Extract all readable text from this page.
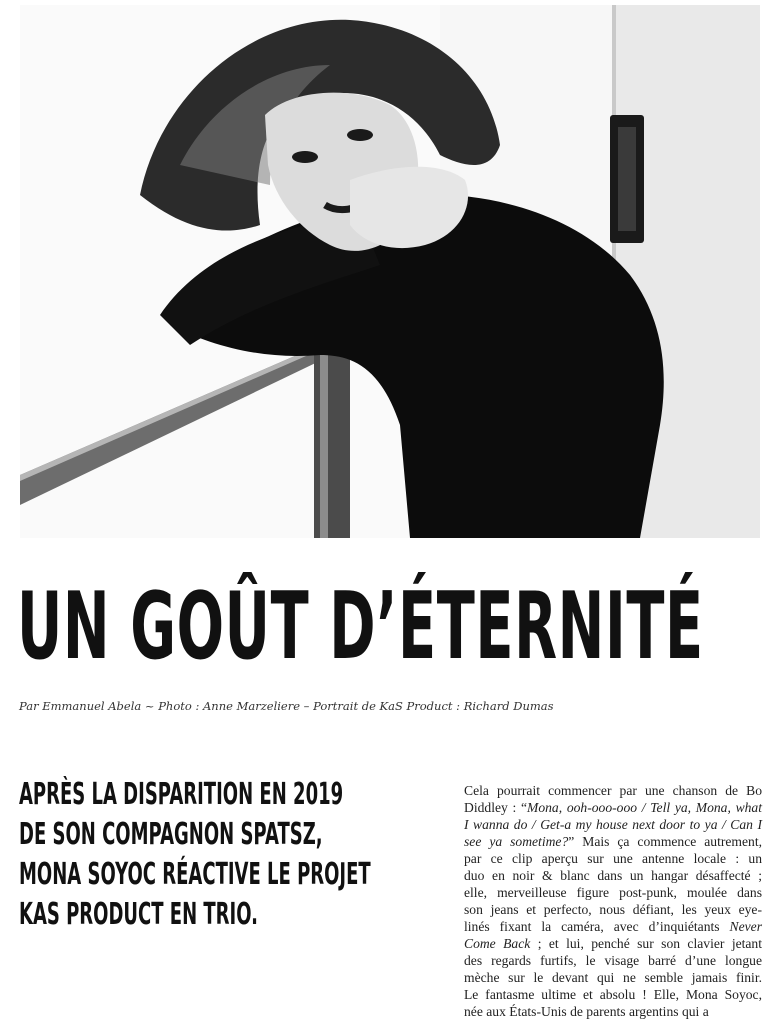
UN GOÛT D’ÉTERNITÉ
Par Emmanuel Abela ~ Photo : Anne Marzeliere – Portrait de KaS Product : Richard Dumas
APRÈS LA DISPARITION EN 2019
DE SON COMPAGNON SPATSZ,
MONA SOYOC RÉACTIVE LE PROJET
KAS PRODUCT EN TRIO.
Cela pourrait commencer par une chanson de Bo
Diddley : “Mona, ooh-ooo-ooo / Tell ya, Mona, what
I wanna do / Get-a my house next door to ya / Can I
see ya sometime?” Mais ça commence autrement,
par ce clip aperçu sur une antenne locale : un
duo en noir & blanc dans un hangar désaffecté ;
elle, merveilleuse figure post-punk, moulée dans
son jeans et perfecto, nous défiant, les yeux eye-
linés fixant la caméra, avec d’inquiétants Never
Come Back ; et lui, penché sur son clavier jetant
des regards furtifs, le visage barré d’une longue
mèche sur le devant qui ne semble jamais finir.
Le fantasme ultime et absolu ! Elle, Mona Soyoc,
née aux États-Unis de parents argentins qui a
